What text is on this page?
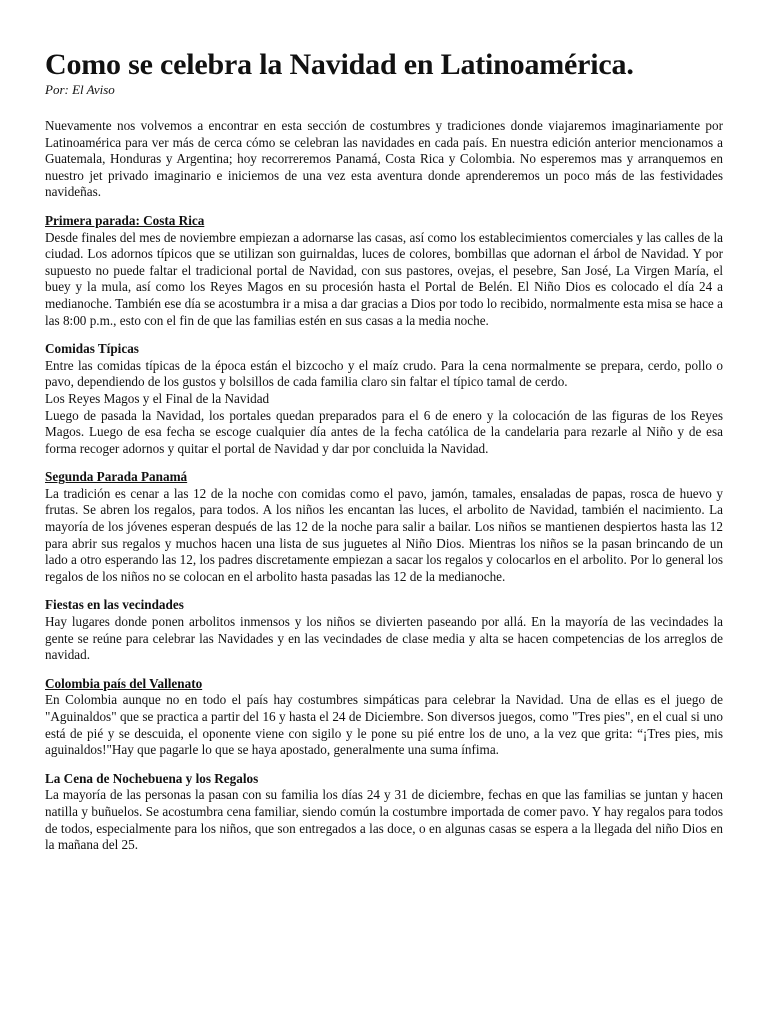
Como se celebra la Navidad en Latinoamérica.
Por: El Aviso

Nuevamente nos volvemos a encontrar en esta sección de costumbres y tradiciones donde viajaremos imaginariamente por Latinoamérica para ver más de cerca cómo se celebran las navidades en cada país. En nuestra edición anterior mencionamos a Guatemala, Honduras y Argentina; hoy recorreremos Panamá, Costa Rica y Colombia. No esperemos mas y arranquemos en nuestro jet privado imaginario e iniciemos de una vez esta aventura donde aprenderemos un poco más de las festividades navideñas.

Primera parada: Costa Rica

Desde finales del mes de noviembre empiezan a adornarse las casas, así como los establecimientos comerciales y las calles de la ciudad. Los adornos típicos que se utilizan son guirnaldas, luces de colores, bombillas que adornan el árbol de Navidad. Y por supuesto no puede faltar el tradicional portal de Navidad, con sus pastores, ovejas, el pesebre, San José, La Virgen María, el buey y la mula, así como los Reyes Magos en su procesión hasta el Portal de Belén. El Niño Dios es colocado el día 24 a medianoche. También ese día se acostumbra ir a misa a dar gracias a Dios por todo lo recibido, normalmente esta misa se hace a las 8:00 p.m., esto con el fin de que las familias estén en sus casas a la media noche.

Comidas Típicas

Entre las comidas típicas de la época están el bizcocho y el maíz crudo. Para la cena normalmente se prepara, cerdo, pollo o pavo, dependiendo de los gustos y bolsillos de cada familia claro sin faltar el típico tamal de cerdo.

Los Reyes Magos y el Final de la Navidad

Luego de pasada la Navidad, los portales quedan preparados para el 6 de enero y la colocación de las figuras de los Reyes Magos. Luego de esa fecha se escoge cualquier día antes de la fecha católica de la candelaria para rezarle al Niño y de esa forma recoger adornos y quitar el portal de Navidad y dar por concluida la Navidad.

Segunda Parada Panamá

La tradición es cenar a las 12 de la noche con comidas como el pavo, jamón, tamales, ensaladas de papas, rosca de huevo y frutas. Se abren los regalos, para todos. A los niños les encantan las luces, el arbolito de Navidad, también el nacimiento. La mayoría de los jóvenes esperan después de las 12 de la noche para salir a bailar. Los niños se mantienen despiertos hasta las 12 para abrir sus regalos y muchos hacen una lista de sus juguetes al Niño Dios. Mientras los niños se la pasan brincando de un lado a otro esperando las 12, los padres discretamente empiezan a sacar los regalos y colocarlos en el arbolito. Por lo general los regalos de los niños no se colocan en el arbolito hasta pasadas las 12 de la medianoche.

Fiestas en las vecindades

Hay lugares donde ponen arbolitos inmensos y los niños se divierten paseando por allá. En la mayoría de las vecindades la gente se reúne para celebrar las Navidades y en las vecindades de clase media y alta se hacen competencias de los arreglos de navidad.

Colombia país del Vallenato

En Colombia aunque no en todo el país hay costumbres simpáticas para celebrar la Navidad. Una de ellas es el juego de "Aguinaldos" que se practica a partir del 16 y hasta el 24 de Diciembre. Son diversos juegos, como "Tres pies", en el cual si uno está de pié y se descuida, el oponente viene con sigilo y le pone su pié entre los de uno, a la vez que grita: “¡Tres pies, mis aguinaldos!"Hay que pagarle lo que se haya apostado, generalmente una suma ínfima.

La Cena de Nochebuena y los Regalos

La mayoría de las personas la pasan con su familia los días 24 y 31 de diciembre, fechas en que las familias se juntan y hacen natilla y buñuelos. Se acostumbra cena familiar, siendo común la costumbre importada de comer pavo. Y hay regalos para todos de todos, especialmente para los niños, que son entregados a las doce, o en algunas casas se espera a la llegada del niño Dios en la mañana del 25.
